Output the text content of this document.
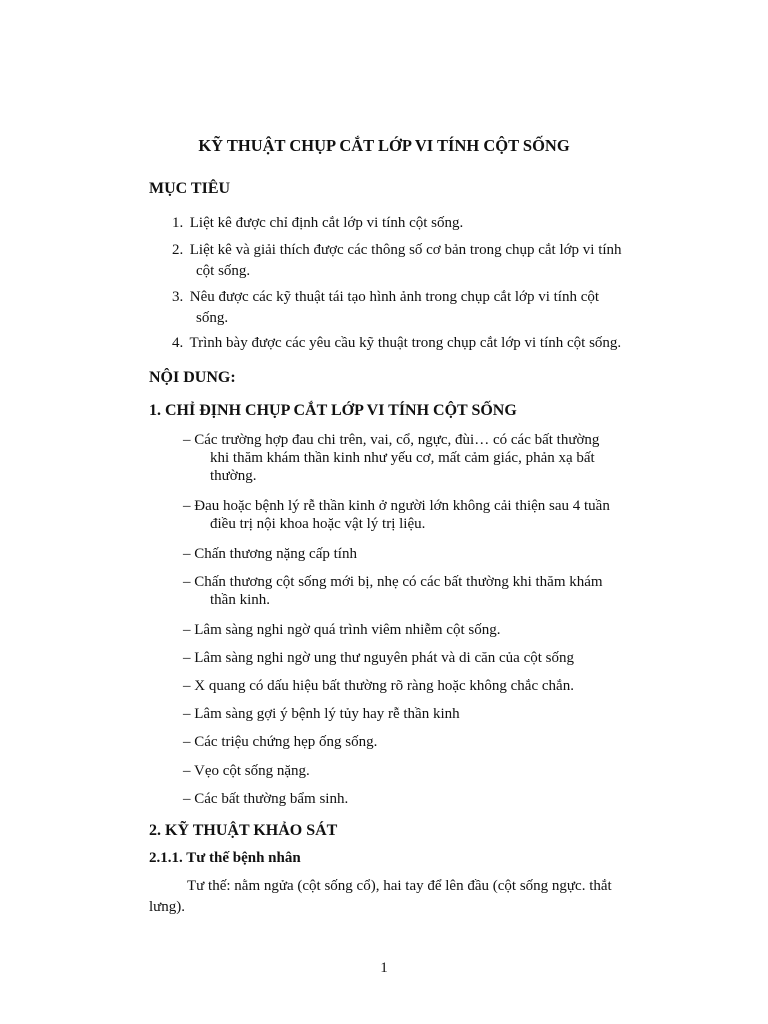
KỸ THUẬT CHỤP CẮT LỚP VI TÍNH CỘT SỐNG
MỤC TIÊU
1. Liệt kê được chỉ định cắt lớp vi tính cột sống.
2. Liệt kê và giải thích được các thông số cơ bản trong chụp cắt lớp vi tính
cột sống.
3. Nêu được các kỹ thuật tái tạo hình ảnh trong chụp cắt lớp vi tính cột
sống.
4. Trình bày được các yêu cầu kỹ thuật trong chụp cắt lớp vi tính cột sống.
NỘI DUNG:
1. CHỈ ĐỊNH CHỤP CẮT LỚP VI TÍNH CỘT SỐNG
– Các trường hợp đau chi trên, vai, cổ, ngực, đùi… có các bất thường
khi thăm khám thần kinh như yếu cơ, mất cảm giác, phản xạ bất
thường.
– Đau hoặc bệnh lý rễ thần kinh ở người lớn không cải thiện sau 4 tuần
điều trị nội khoa hoặc vật lý trị liệu.
– Chấn thương nặng cấp tính
– Chấn thương cột sống mới bị, nhẹ có các bất thường khi thăm khám
thần kinh.
– Lâm sàng nghi ngờ quá trình viêm nhiễm cột sống.
– Lâm sàng nghi ngờ ung thư nguyên phát và di căn của cột sống
– X quang có dấu hiệu bất thường rõ ràng hoặc không chắc chắn.
– Lâm sàng gợi ý bệnh lý tủy hay rễ thần kinh
– Các triệu chứng hẹp ống sống.
– Vẹo cột sống nặng.
– Các bất thường bẩm sinh.
2. KỸ THUẬT KHẢO SÁT
2.1.1. Tư thế bệnh nhân
Tư thế: nằm ngửa (cột sống cổ), hai tay để lên đầu (cột sống ngực. thắt
lưng).
1
